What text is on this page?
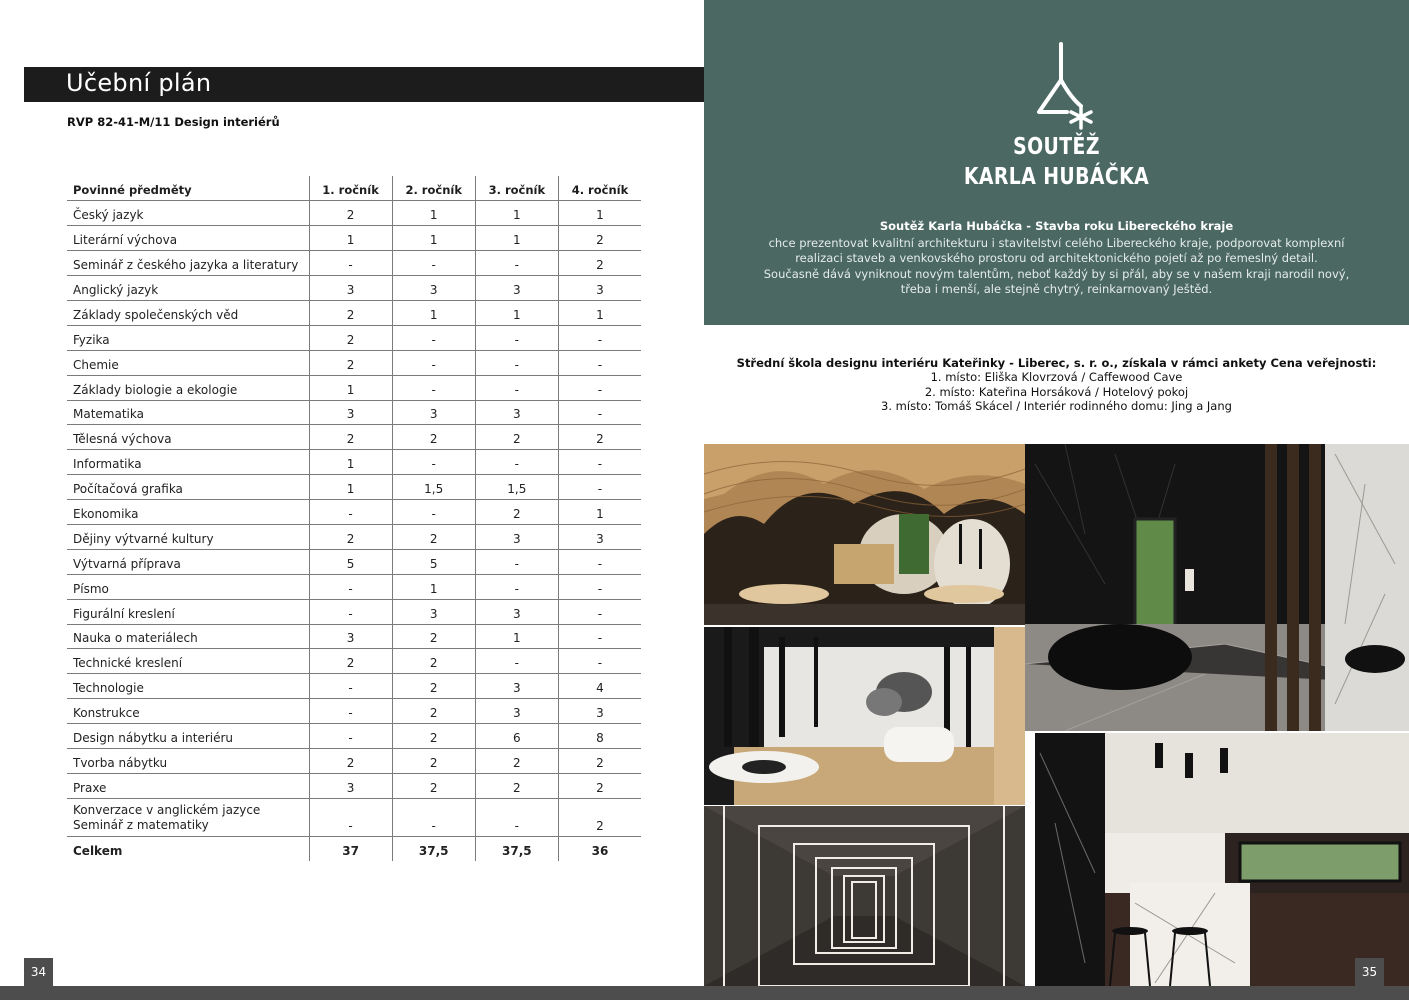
Učební plán
RVP 82-41-M/11 Design interiérů
Povinné předměty	1. ročník	2. ročník	3. ročník	4. ročník
Český jazyk	2	1	1	1
Literární výchova	1	1	1	2
Seminář z českého jazyka a literatury	-	-	-	2
Anglický jazyk	3	3	3	3
Základy společenských věd	2	1	1	1
Fyzika	2	-	-	-
Chemie	2	-	-	-
Základy biologie a ekologie	1	-	-	-
Matematika	3	3	3	-
Tělesná výchova	2	2	2	2
Informatika	1	-	-	-
Počítačová grafika	1	1,5	1,5	-
Ekonomika	-	-	2	1
Dějiny výtvarné kultury	2	2	3	3
Výtvarná příprava	5	5	-	-
Písmo	-	1	-	-
Figurální kreslení	-	3	3	-
Nauka o materiálech	3	2	1	-
Technické kreslení	2	2	-	-
Technologie	-	2	3	4
Konstrukce	-	2	3	3
Design nábytku a interiéru	-	2	6	8
Tvorba nábytku	2	2	2	2
Praxe	3	2	2	2
Konverzace v anglickém jazyce
Seminář z matematiky	-	-	-	2
Celkem	37	37,5	37,5	36
34
SOUTĚŽ
KARLA HUBÁČKA
Soutěž Karla Hubáčka - Stavba roku Libereckého kraje
chce prezentovat kvalitní architekturu i stavitelství celého Libereckého kraje, podporovat komplexní
realizaci staveb a venkovského prostoru od architektonického pojetí až po řemeslný detail.
Současně dává vyniknout novým talentům, neboť každý by si přál, aby se v našem kraji narodil nový,
třeba i menší, ale stejně chytrý, reinkarnovaný Ještěd.
Střední škola designu interiéru Kateřinky - Liberec, s. r. o., získala v rámci ankety Cena veřejnosti:
1. místo: Eliška Klovrzová / Caffewood Cave
2. místo: Kateřina Horsáková / Hotelový pokoj
3. místo: Tomáš Skácel / Interiér rodinného domu: Jing a Jang
35
